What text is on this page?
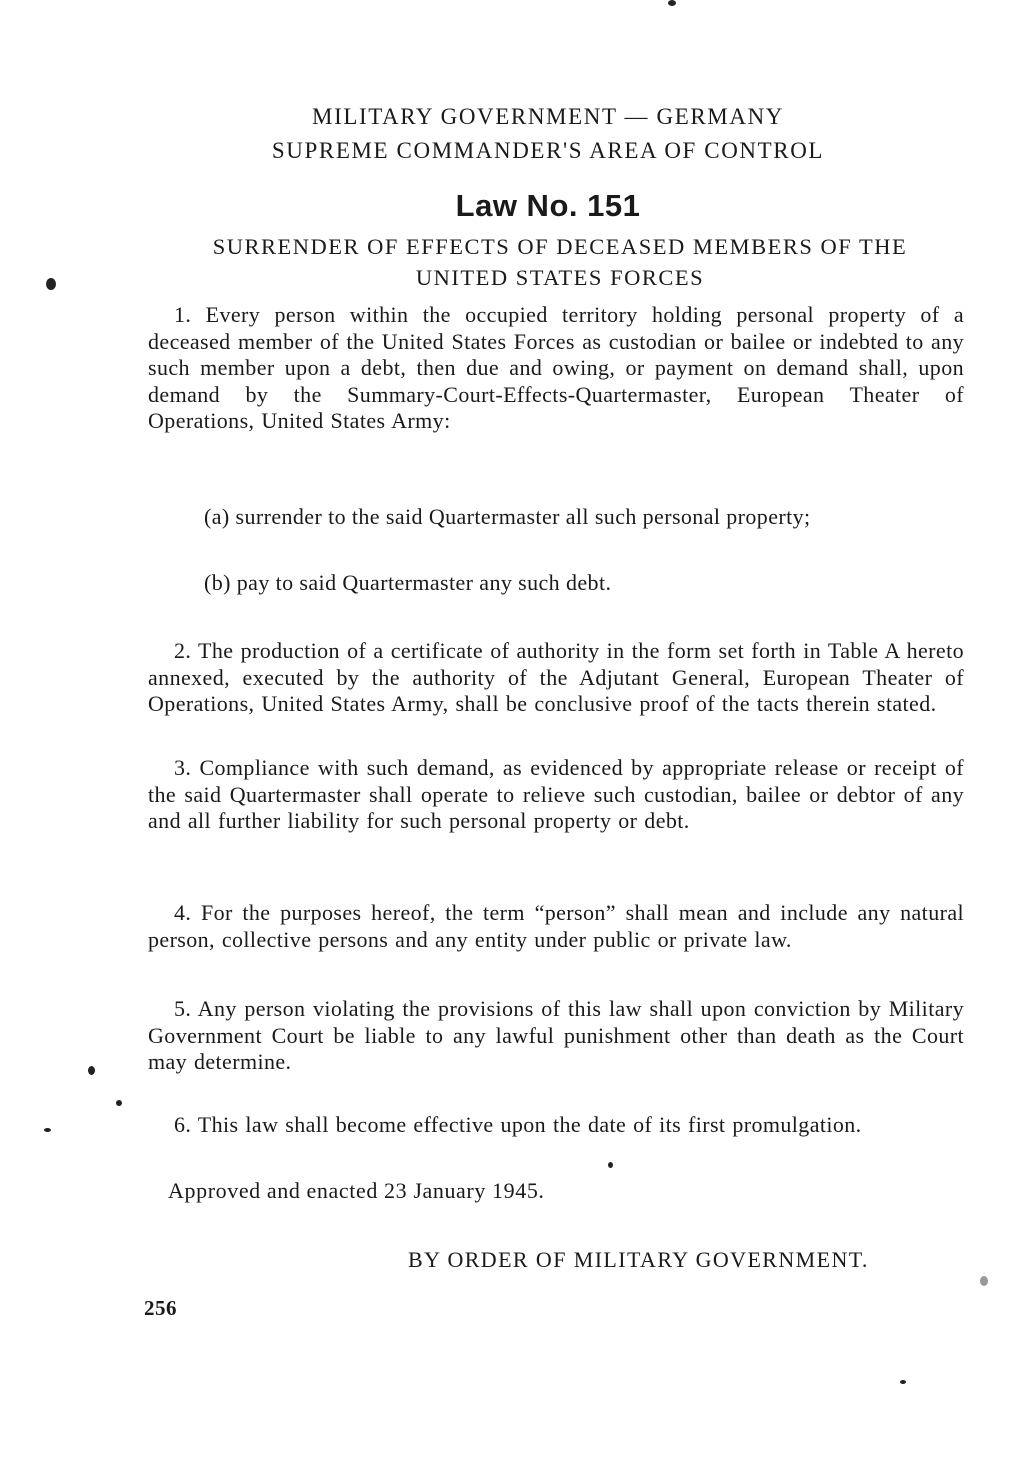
MILITARY GOVERNMENT — GERMANY
SUPREME COMMANDER'S AREA OF CONTROL
Law No. 151
SURRENDER OF EFFECTS OF DECEASED MEMBERS OF THE
UNITED STATES FORCES
1. Every person within the occupied territory holding personal property of a deceased member of the United States Forces as custodian or bailee or indebted to any such member upon a debt, then due and owing, or payment on demand shall, upon demand by the Summary-Court-Effects-Quartermaster, European Theater of Operations, United States Army:
(a) surrender to the said Quartermaster all such personal property;
(b) pay to said Quartermaster any such debt.
2. The production of a certificate of authority in the form set forth in Table A hereto annexed, executed by the authority of the Adjutant General, European Theater of Operations, United States Army, shall be conclusive proof of the tacts therein stated.
3. Compliance with such demand, as evidenced by appropriate release or receipt of the said Quartermaster shall operate to relieve such custodian, bailee or debtor of any and all further liability for such personal property or debt.
4. For the purposes hereof, the term “person” shall mean and include any natural person, collective persons and any entity under public or private law.
5. Any person violating the provisions of this law shall upon conviction by Military Government Court be liable to any lawful punishment other than death as the Court may determine.
6. This law shall become effective upon the date of its first promulgation.
Approved and enacted 23 January 1945.
BY ORDER OF MILITARY GOVERNMENT.
256
